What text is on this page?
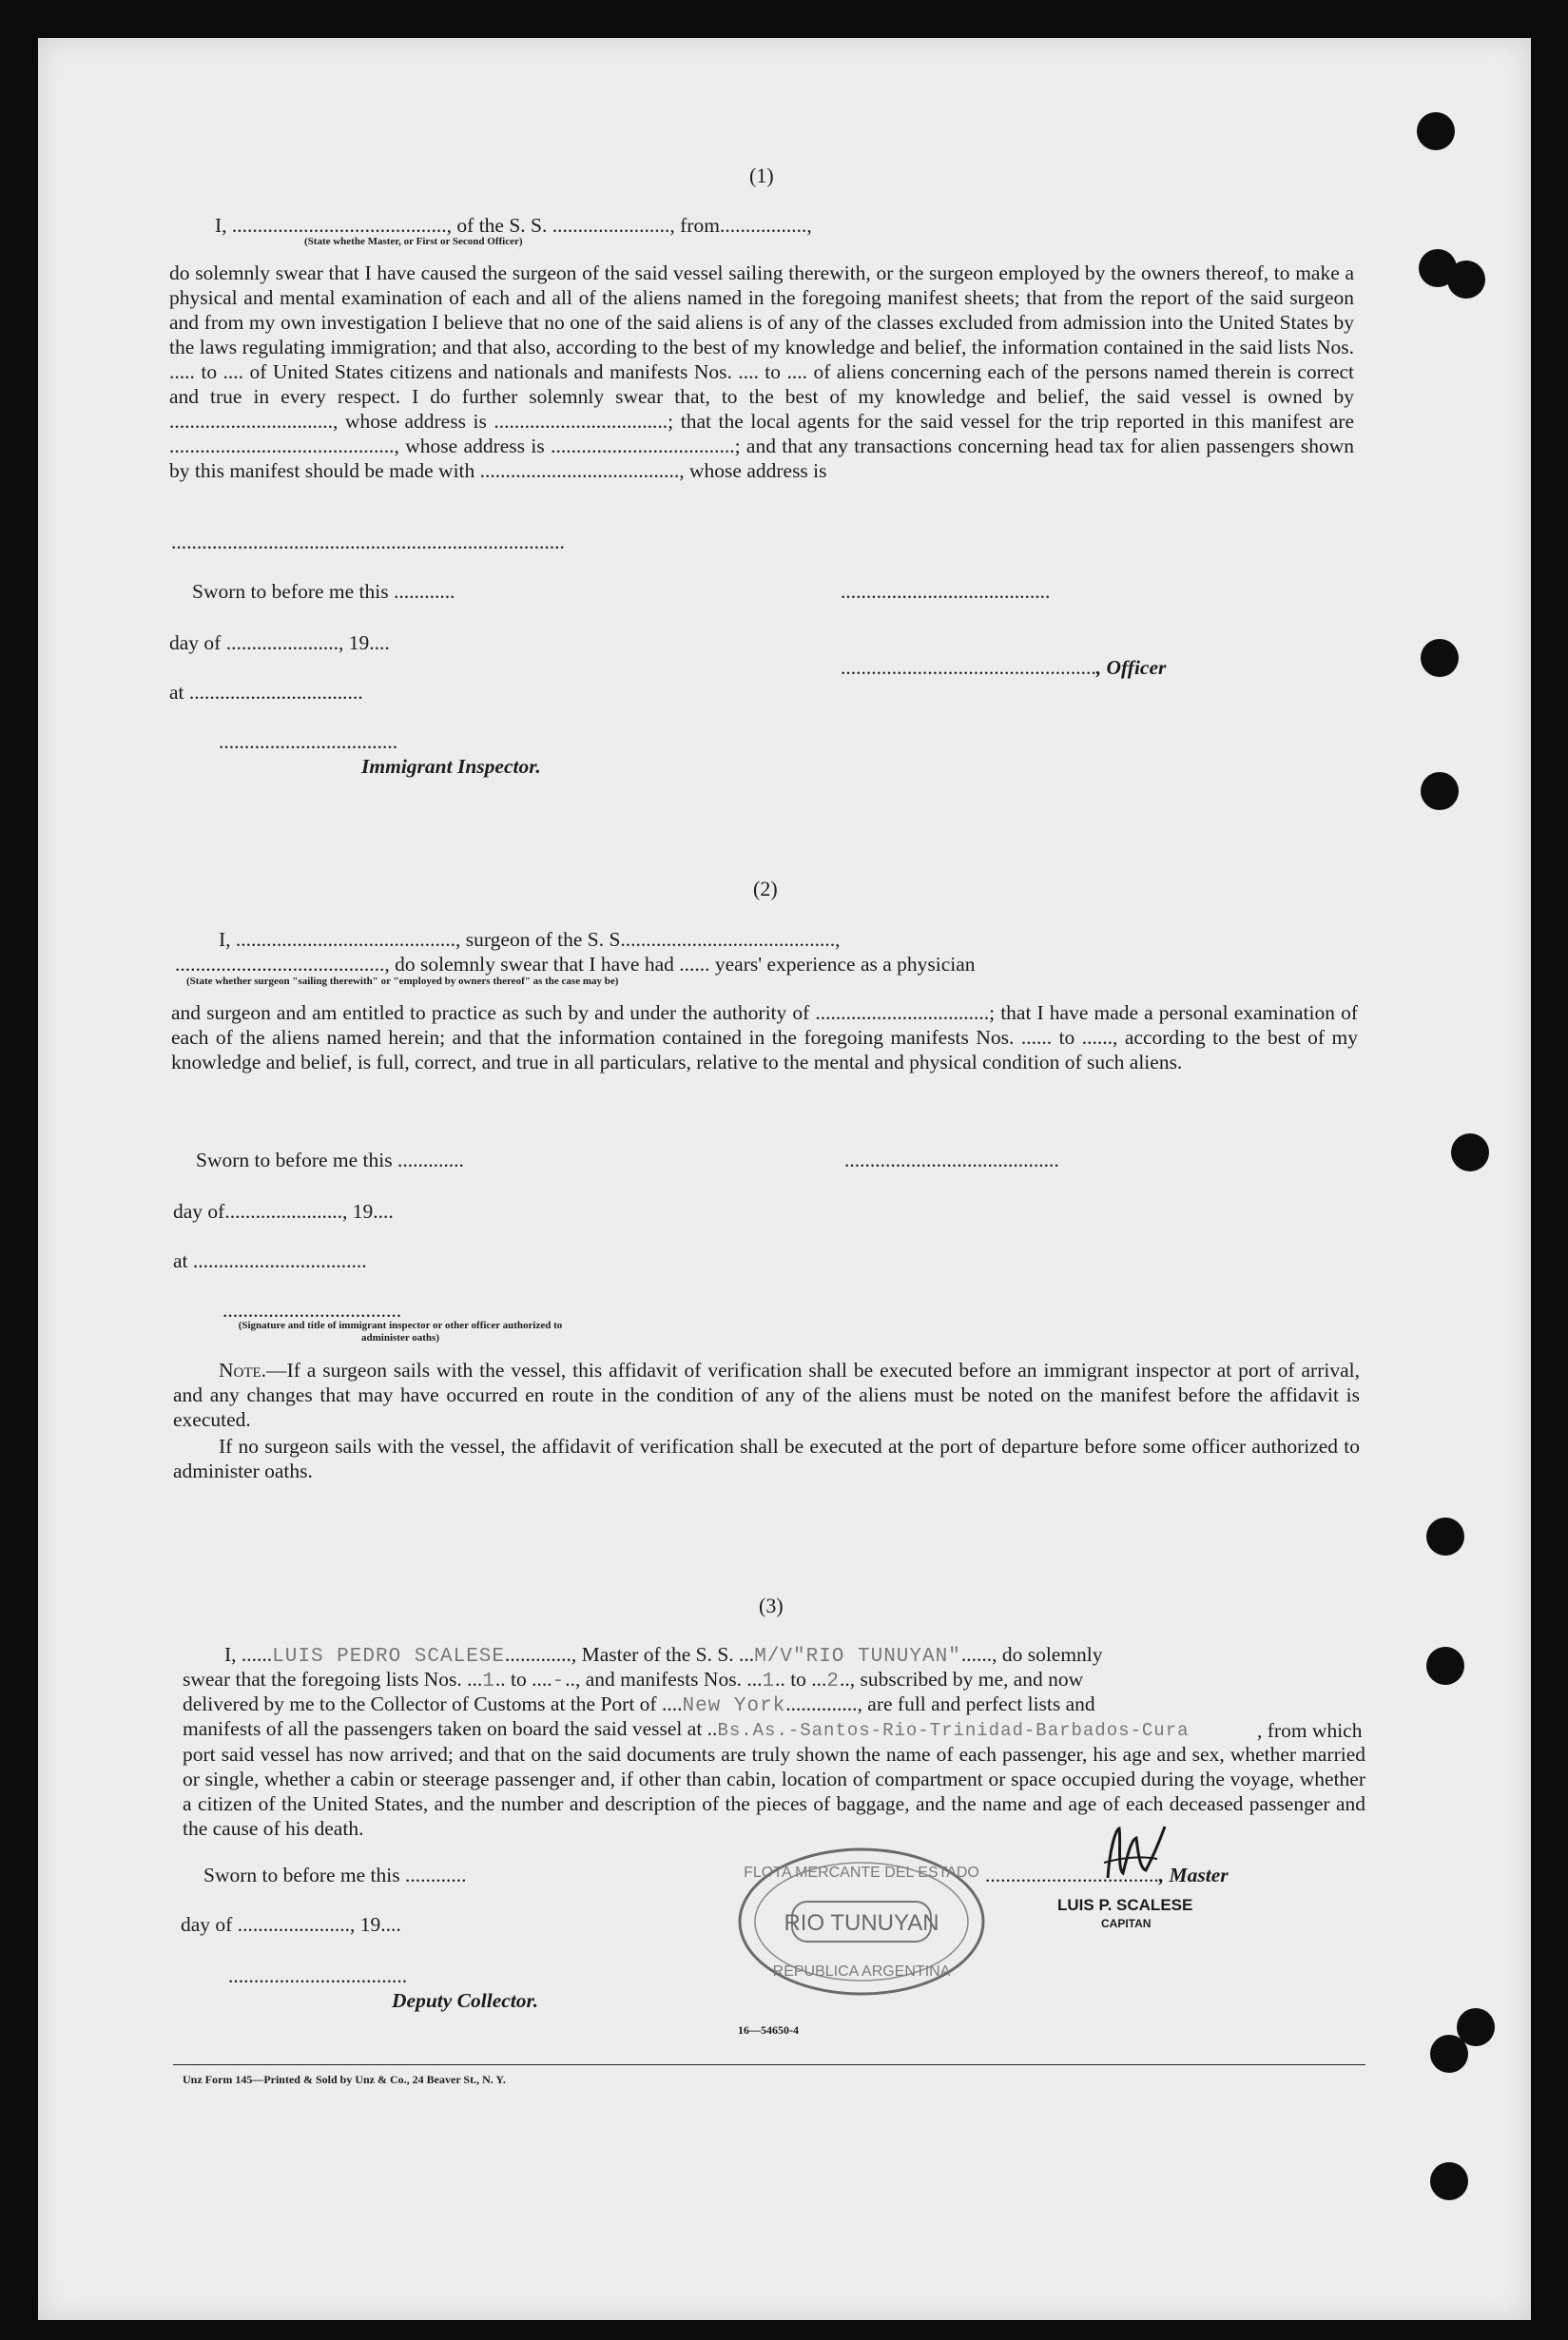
(1)
I, .........................................., of the S. S. ......................., from.................,
(State whethe Master, or First or Second Officer)
do solemnly swear that I have caused the surgeon of the said vessel sailing therewith, or the surgeon employed by the owners thereof, to make a physical and mental examination of each and all of the aliens named in the foregoing manifest sheets; that from the report of the said surgeon and from my own investigation I believe that no one of the said aliens is of any of the classes excluded from admission into the United States by the laws regulating immigration; and that also, according to the best of my knowledge and belief, the information contained in the said lists Nos. ..... to .... of United States citizens and nationals and manifests Nos. .... to .... of aliens concerning each of the persons named therein is correct and true in every respect. I do further solemnly swear that, to the best of my knowledge and belief, the said vessel is owned by ................................, whose address is ..................................; that the local agents for the said vessel for the trip reported in this manifest are ............................................, whose address is ....................................; and that any transactions concerning head tax for alien passengers shown by this manifest should be made with ......................................., whose address is
.............................................................................
Sworn to before me this ............	.........................................
day of ......................, 19....
.................................................., Officer
at ..................................
...................................
Immigrant Inspector.
(2)
I, ..........................................., surgeon of the S. S..........................................,
........................................., do solemnly swear that I have had ...... years' experience as a physician
(State whether surgeon "sailing therewith" or "employed by owners thereof" as the case may be)
and surgeon and am entitled to practice as such by and under the authority of ..................................; that I have made a personal examination of each of the aliens named herein; and that the information contained in the foregoing manifests Nos. ...... to ......, according to the best of my knowledge and belief, is full, correct, and true in all particulars, relative to the mental and physical condition of such aliens.
Sworn to before me this .............	..........................................
day of......................., 19....
at ..................................
...................................
(Signature and title of immigrant inspector or other officer authorized to administer oaths)
Note.—If a surgeon sails with the vessel, this affidavit of verification shall be executed before an immigrant inspector at port of arrival, and any changes that may have occurred en route in the condition of any of the aliens must be noted on the manifest before the affidavit is executed.
If no surgeon sails with the vessel, the affidavit of verification shall be executed at the port of departure before some officer authorized to administer oaths.
(3)
I, ......LUIS PEDRO SCALESE............., Master of the S. S. ...M/V"RIO TUNUYAN"......, do solemnly
swear that the foregoing lists Nos. ...1.. to ....-.., and manifests Nos. ...1.. to ...2.., subscribed by me, and now
delivered by me to the Collector of Customs at the Port of ....New York.............., are full and perfect lists and
manifests of all the passengers taken on board the said vessel at ..Bs.As.-Santos-Rio-Trinidad-Barbados-Cura	, from which
port said vessel has now arrived; and that on the said documents are truly shown the name of each passenger, his age and sex, whether married or single, whether a cabin or steerage passenger and, if other than cabin, location of compartment or space occupied during the voyage, whether a citizen of the United States, and the number and description of the pieces of baggage, and the name and age of each deceased passenger and the cause of his death.
Sworn to before me this ............	.................................., Master
day of ......................, 19....
...................................
Deputy Collector.
RIO TUNUYAN
FLOTA MERCANTE DEL ESTADO
REPUBLICA ARGENTINA
LUIS P. SCALESE
CAPITAN
16—54650-4
Unz Form 145—Printed & Sold by Unz & Co., 24 Beaver St., N. Y.
